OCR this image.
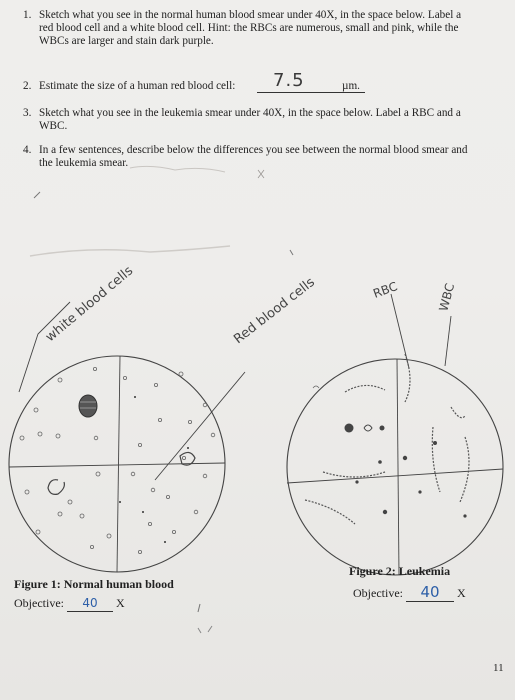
1. Sketch what you see in the normal human blood smear under 40X, in the space below. Label a
red blood cell and a white blood cell. Hint: the RBCs are numerous, small and pink, while the
WBCs are larger and stain dark purple.
2. Estimate the size of a human red blood cell: 7.5	µm.
3. Sketch what you see in the leukemia smear under 40X, in the space below. Label a RBC and a
WBC.
4. In a few sentences, describe below the differences you see between the normal blood smear and
the leukemia smear.
white blood cells	Red blood cells	RBC	WBC
Figure 1: Normal human blood
Objective: 40 X
Figure 2: Leukemia
Objective: 40 X
11
